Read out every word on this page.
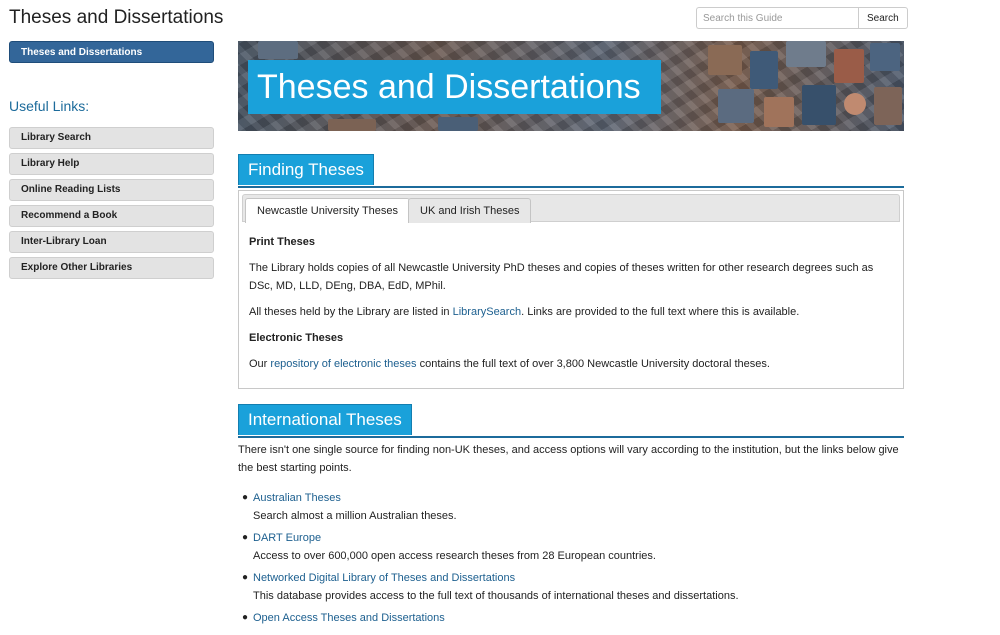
Theses and Dissertations
Search this Guide	Search
Theses and Dissertations
Useful Links:
Library Search
Library Help
Online Reading Lists
Recommend a Book
Inter-Library Loan
Explore Other Libraries
Theses and Dissertations
Finding Theses
Newcastle University Theses	UK and Irish Theses

Print Theses

The Library holds copies of all Newcastle University PhD theses and copies of theses written for other research degrees such as DSc, MD, LLD, DEng, DBA, EdD, MPhil.

All theses held by the Library are listed in LibrarySearch. Links are provided to the full text where this is available.

Electronic Theses

Our repository of electronic theses contains the full text of over 3,800 Newcastle University doctoral theses.

International Theses

There isn't one single source for finding non-UK theses, and access options will vary according to the institution, but the links below give the best starting points.

● Australian Theses
Search almost a million Australian theses.
● DART Europe
Access to over 600,000 open access research theses from 28 European countries.
● Networked Digital Library of Theses and Dissertations
This database provides access to the full text of thousands of international theses and dissertations.
● Open Access Theses and Dissertations
